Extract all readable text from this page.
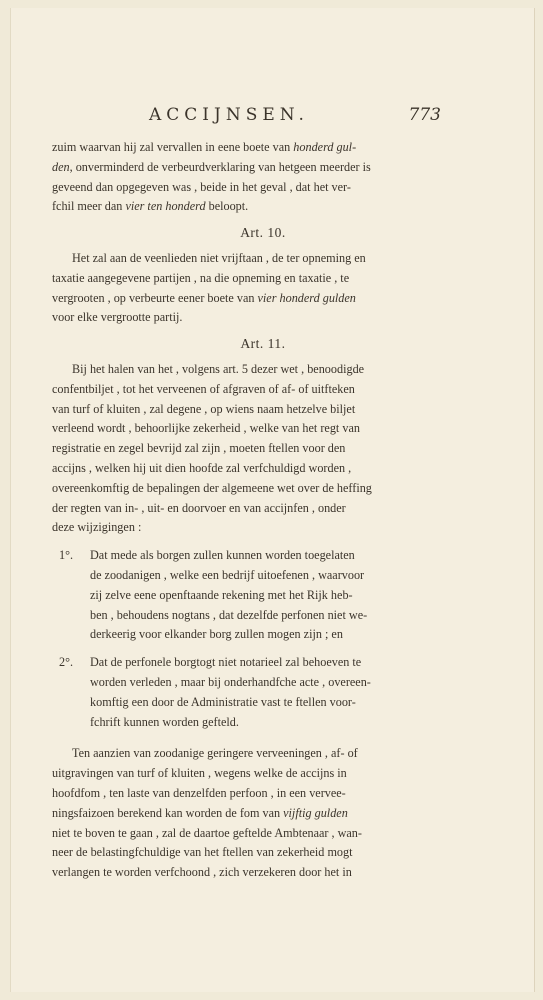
ACCIJNSEN.	773
zuim waarvan hij zal vervallen in eene boete van honderd gul-
den, onverminderd de verbeurdverklaring van hetgeen meerder is
geveend dan opgegeven was , beide in het geval , dat het ver-
fchil meer dan vier ten honderd beloopt.
Art. 10.
Het zal aan de veenlieden niet vrijftaan , de ter opneming en
taxatie aangegevene partijen , na die opneming en taxatie , te
vergrooten , op verbeurte eener boete van vier honderd gulden
voor elke vergrootte partij.
Art. 11.
Bij het halen van het , volgens art. 5 dezer wet , benoodigde
confentbiljet , tot het verveenen of afgraven of af- of uitfteken
van turf of kluiten , zal degene , op wiens naam hetzelve biljet
verleend wordt , behoorlijke zekerheid , welke van het regt van
registratie en zegel bevrijd zal zijn , moeten ftellen voor den
accijns , welken hij uit dien hoofde zal verfchuldigd worden ,
overeenkomftig de bepalingen der algemeene wet over de heffing
der regten van in- , uit- en doorvoer en van accijnfen , onder
deze wijzigingen :
1°. Dat mede als borgen zullen kunnen worden toegelaten
de zoodanigen , welke een bedrijf uitoefenen , waarvoor
zij zelve eene openftaande rekening met het Rijk heb-
ben , behoudens nogtans , dat dezelfde perfonen niet we-
derkeerig voor elkander borg zullen mogen zijn ; en
2°. Dat de perfonele borgtogt niet notarieel zal behoeven te
worden verleden , maar bij onderhandfche acte , overeen-
komftig een door de Administratie vast te ftellen voor-
fchrift kunnen worden gefteld.
Ten aanzien van zoodanige geringere verveeningen , af- of
uitgravingen van turf of kluiten , wegens welke de accijns in
hoofdfom , ten laste van denzelfden perfoon , in een vervee-
ningsfaizoen berekend kan worden de fom van vijftig gulden
niet te boven te gaan , zal de daartoe geftelde Ambtenaar , wan-
neer de belastingfchuldige van het ftellen van zekerheid mogt
verlangen te worden verfchoond , zich verzekeren door het in
